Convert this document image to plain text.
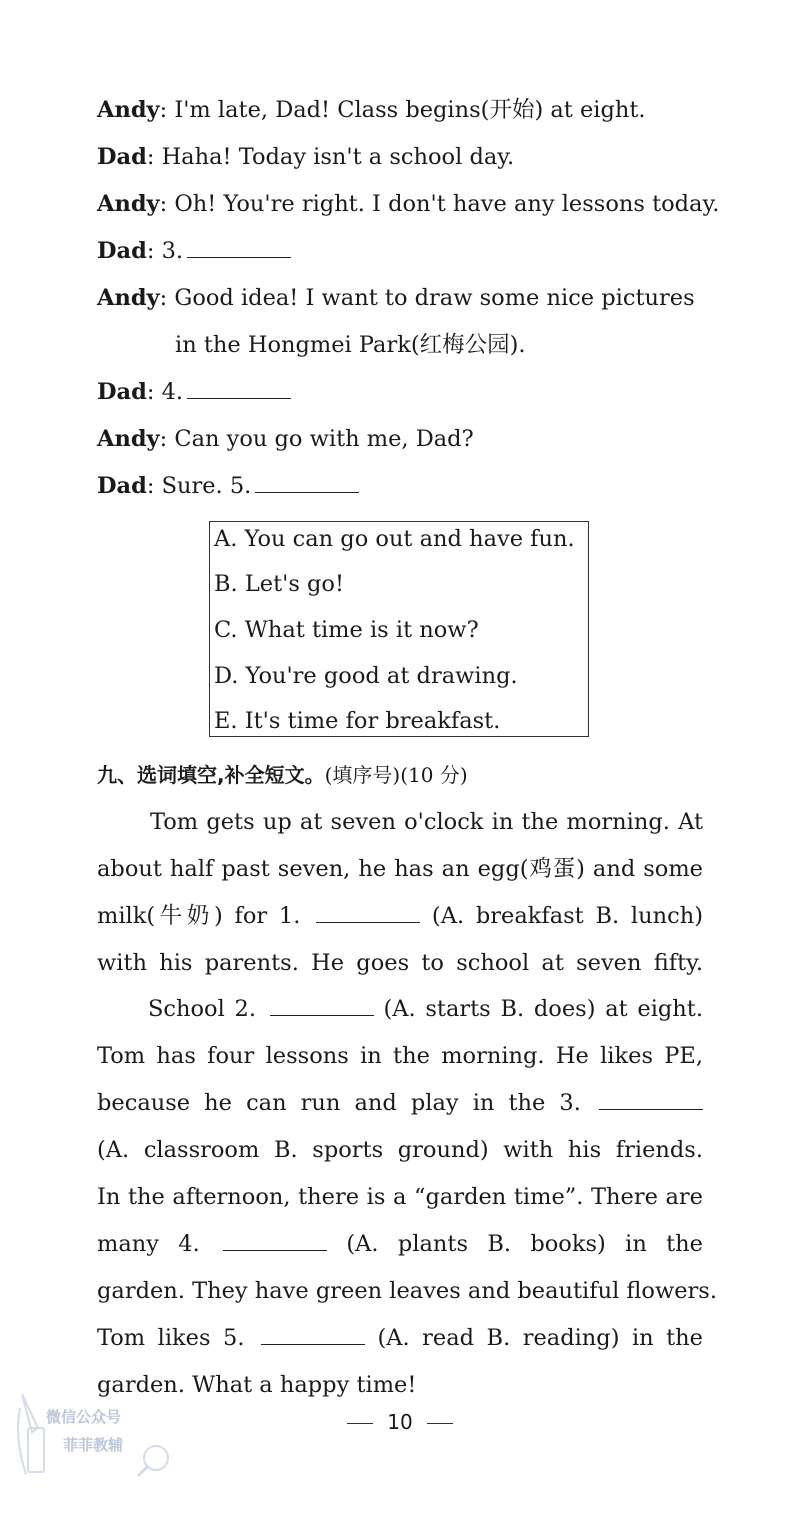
Andy: I'm late, Dad! Class begins(开始) at eight.
Dad: Haha! Today isn't a school day.
Andy: Oh! You're right. I don't have any lessons today.
Dad: 3.
Andy: Good idea! I want to draw some nice pictures
in the Hongmei Park(红梅公园).
Dad: 4.
Andy: Can you go with me, Dad?
Dad: Sure. 5.
A. You can go out and have fun.
B. Let's go!
C. What time is it now?
D. You're good at drawing.
E. It's time for breakfast.
九、选词填空,补全短文。(填序号)(10 分)
Tom gets up at seven o'clock in the morning. At
about half past seven, he has an egg(鸡蛋) and some
milk(牛奶) for 1.	(A. breakfast B. lunch)
with his parents. He goes to school at seven fifty.
School 2.	(A. starts B. does) at eight.
Tom has four lessons in the morning. He likes PE,
because he can run and play in the 3.
(A. classroom B. sports ground) with his friends.
In the afternoon, there is a “garden time”. There are
many 4.	(A. plants B. books) in the
garden. They have green leaves and beautiful flowers.
Tom likes 5.	(A. read B. reading) in the
garden. What a happy time!
10
微信公众号
菲菲教辅
